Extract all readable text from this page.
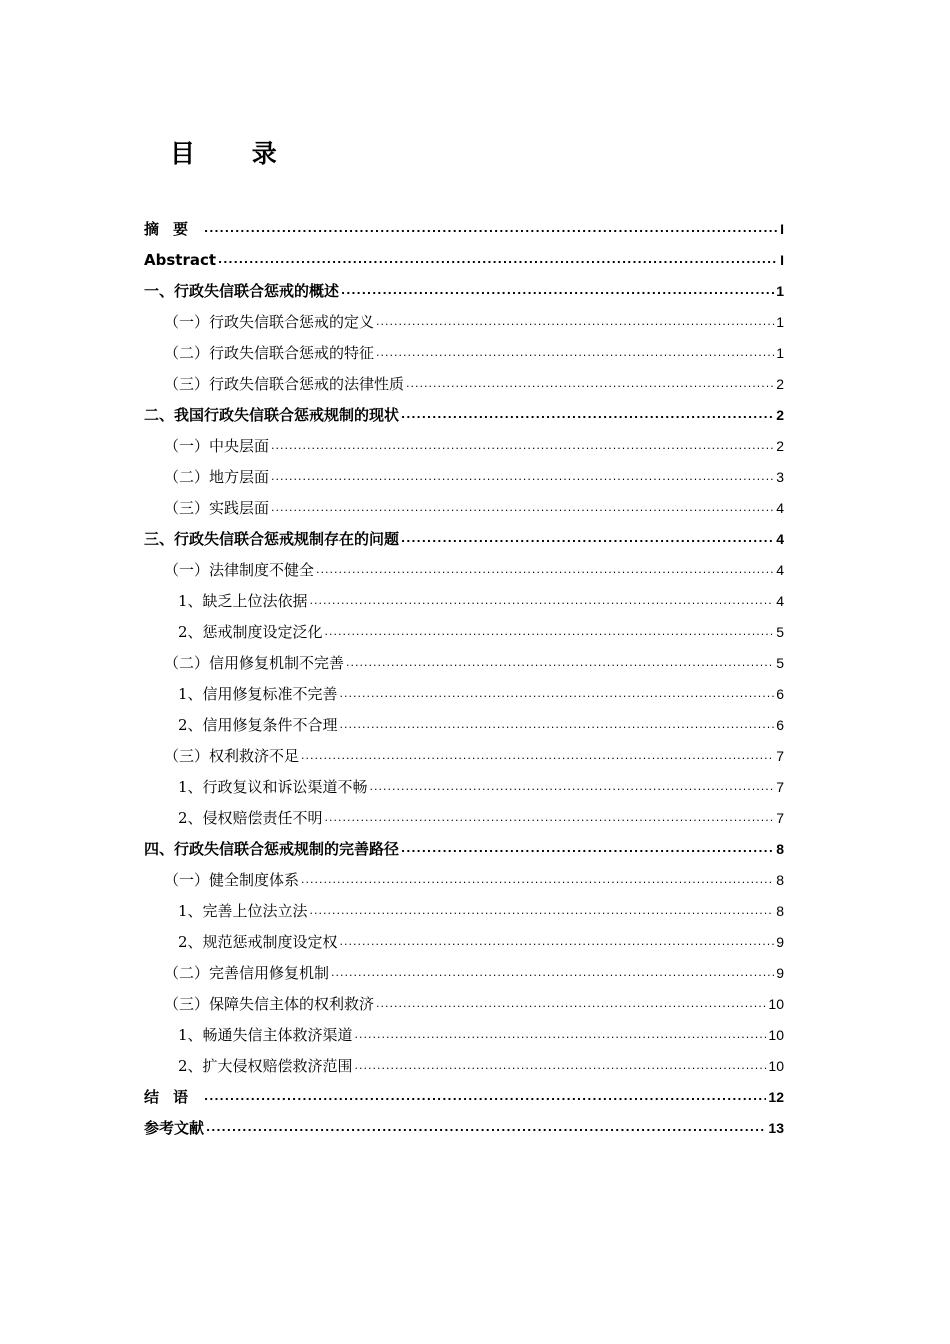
目 录
摘要 .....	I
Abstract .....	I
一、行政失信联合惩戒的概述 .....	1
（一）行政失信联合惩戒的定义 .....	1
（二）行政失信联合惩戒的特征 .....	1
（三）行政失信联合惩戒的法律性质 .....	2
二、我国行政失信联合惩戒规制的现状 .....	2
（一）中央层面 .....	2
（二）地方层面 .....	3
（三）实践层面 .....	4
三、行政失信联合惩戒规制存在的问题 .....	4
（一）法律制度不健全 .....	4
1、缺乏上位法依据 .....	4
2、惩戒制度设定泛化 .....	5
（二）信用修复机制不完善 .....	5
1、信用修复标准不完善 .....	6
2、信用修复条件不合理 .....	6
（三）权利救济不足 .....	7
1、行政复议和诉讼渠道不畅 .....	7
2、侵权赔偿责任不明 .....	7
四、行政失信联合惩戒规制的完善路径 .....	8
（一）健全制度体系 .....	8
1、完善上位法立法 .....	8
2、规范惩戒制度设定权 .....	9
（二）完善信用修复机制 .....	9
（三）保障失信主体的权利救济 .....	10
1、畅通失信主体救济渠道 .....	10
2、扩大侵权赔偿救济范围 .....	10
结语 .....	12
参考文献 .....	13
